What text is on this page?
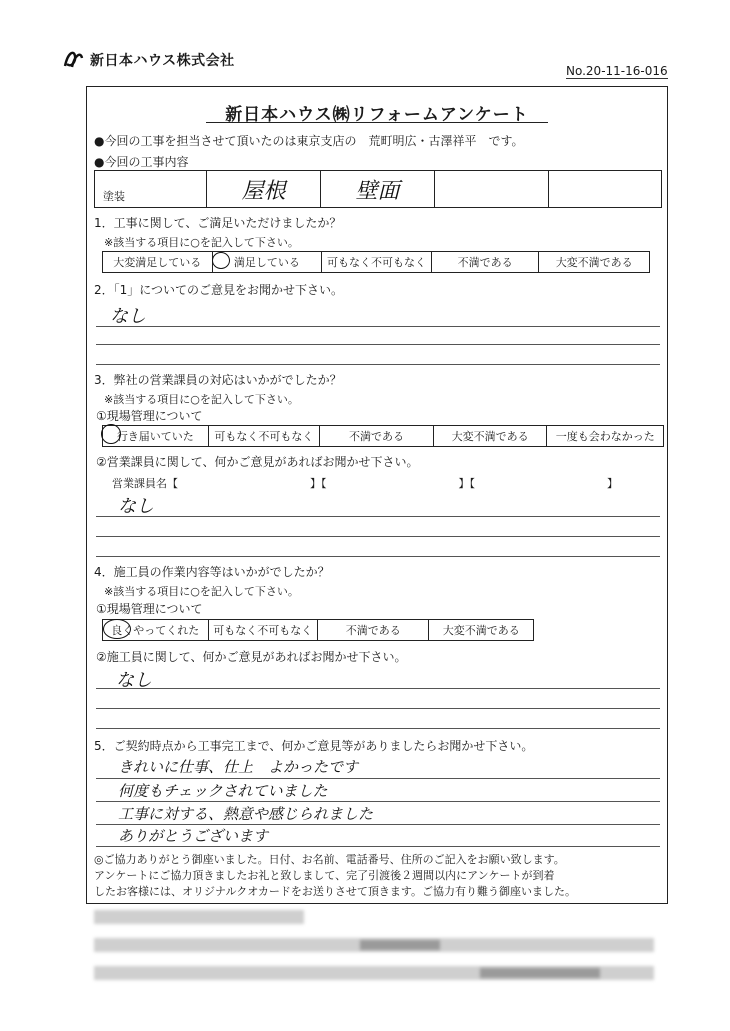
新日本ハウス株式会社
No.20-11-16-016
新日本ハウス㈱リフォームアンケート
●今回の工事を担当させて頂いたのは東京支店の　荒町明広・古澤祥平　です。
●今回の工事内容
塗装	屋根	壁面
1．工事に関して、ご満足いただけましたか？
※該当する項目に○を記入して下さい。
大変満足している	満足している	可もなく不可もなく	不満である	大変不満である
2．「1」についてのご意見をお聞かせ下さい。
なし
3．弊社の営業課員の対応はいかがでしたか？
※該当する項目に○を記入して下さい。
①現場管理について
行き届いていた	可もなく不可もなく	不満である	大変不満である	一度も会わなかった
②営業課員に関して、何かご意見があればお聞かせ下さい。
営業課員名【　　　　　　　　　　　　】【　　　　　　　　　　　　】【　　　　　　　　　　　　】
なし
4．施工員の作業内容等はいかがでしたか？
※該当する項目に○を記入して下さい。
①現場管理について
良くやってくれた	可もなく不可もなく	不満である	大変不満である
②施工員に関して、何かご意見があればお聞かせ下さい。
なし
5．ご契約時点から工事完工まで、何かご意見等がありましたらお聞かせ下さい。
きれいに仕事、仕上　よかったです
何度もチェックされていました
工事に対する、熱意や感じられました
ありがとうございます
◎ご協力ありがとう御座いました。日付、お名前、電話番号、住所のご記入をお願い致します。
アンケートにご協力頂きましたお礼と致しまして、完了引渡後２週間以内にアンケートが到着
したお客様には、オリジナルクオカードをお送りさせて頂きます。ご協力有り難う御座いました。
